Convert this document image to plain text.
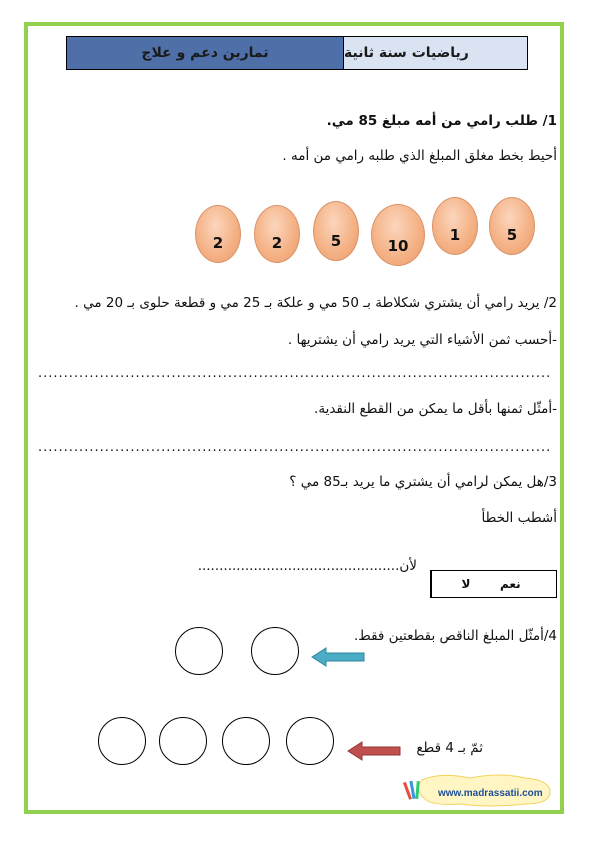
تمارين دعم و علاج	رياضيات سنة ثانية
1/ طلب رامي من أمه مبلغ 85 مي.
أحيط بخط مغلق المبلغ الذي طلبه رامي من أمه .
5
1
10
5
2
2
2/ يريد رامي أن يشتري شكلاطة بـ 50 مي و علكة بـ 25 مي و قطعة حلوى بـ 20 مي .
-أحسب ثمن الأشياء التي يريد رامي أن يشتريها .
....................................................................................................
-أمثّل ثمنها بأقل ما يمكن من القطع النقدية.
....................................................................................................
3/هل يمكن لرامي أن يشتري ما يريد بـ85 مي ؟
أشطب الخطأ
لأن...............................................
لا	نعم
4/أمثّل المبلغ الناقص بقطعتين فقط.
ثمّ بـ 4 قطع
www.madrassatii.com
